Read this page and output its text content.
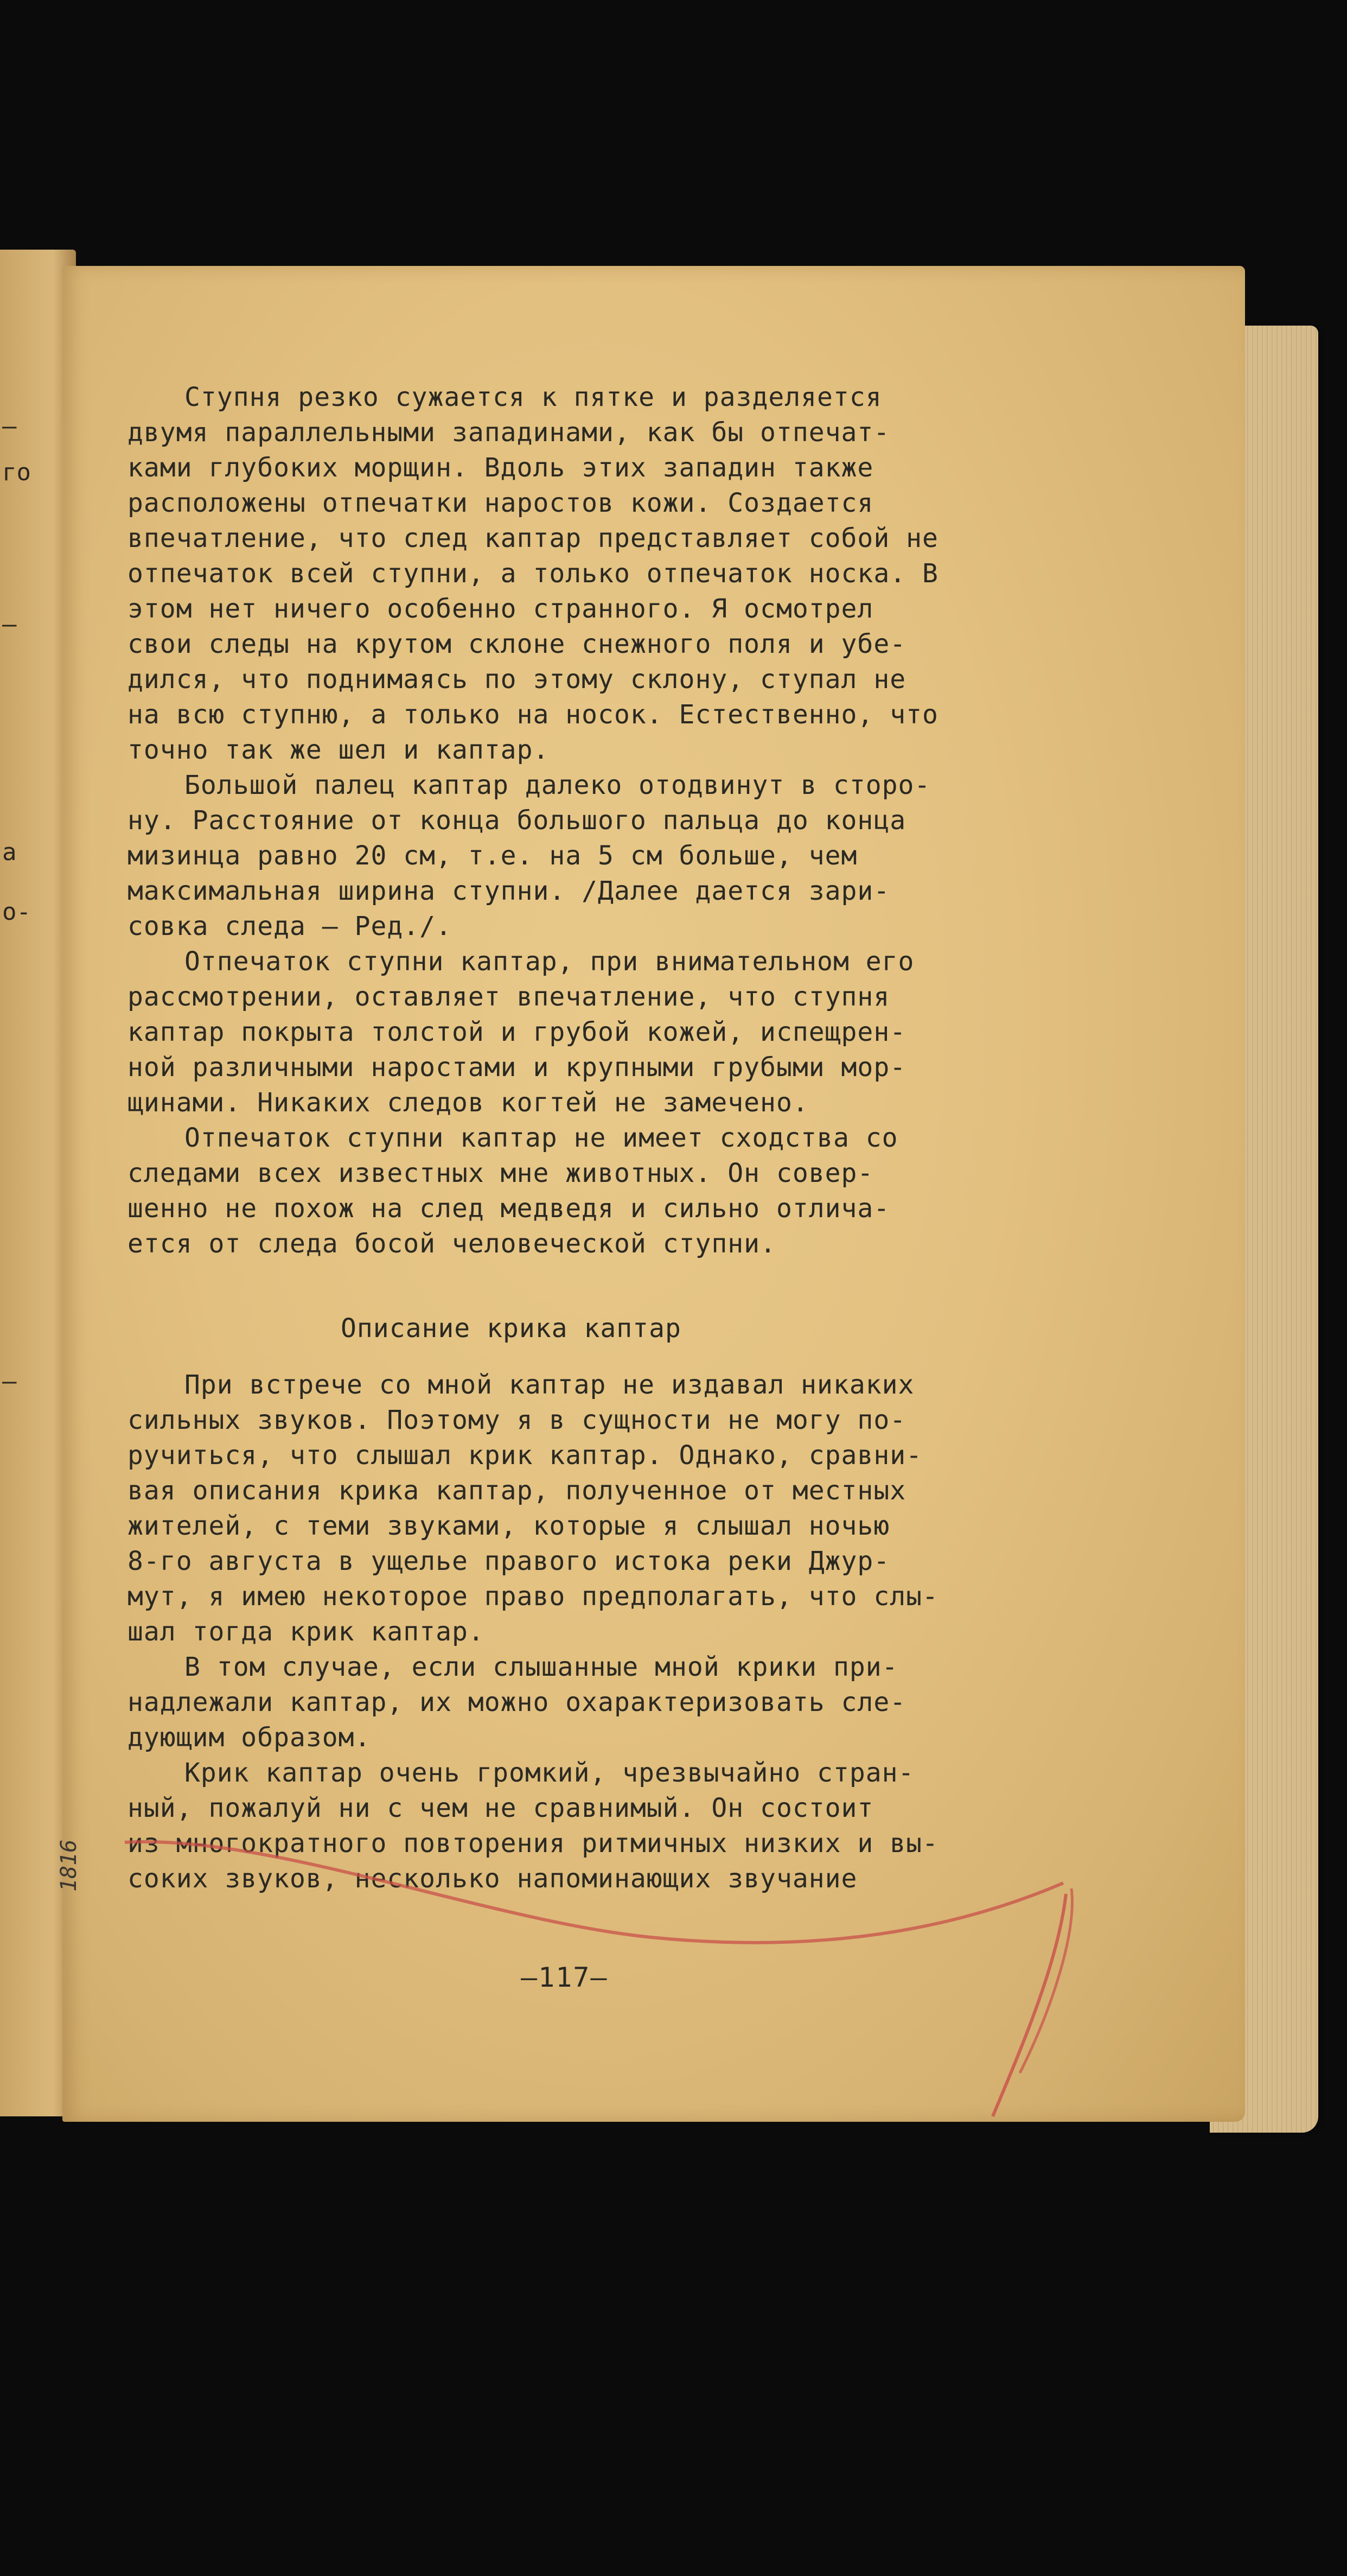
–
го
–
а
о-
–
Ступня резко сужается к пятке и разделяется
двумя параллельными западинами, как бы отпечат-
ками глубоких морщин. Вдоль этих западин также
расположены отпечатки наростов кожи. Создается
впечатление, что след каптар представляет собой не
отпечаток всей ступни, а только отпечаток носка. В
этом нет ничего особенно странного. Я осмотрел
свои следы на крутом склоне снежного поля и убе-
дился, что поднимаясь по этому склону, ступал не
на всю ступню, а только на носок. Естественно, что
точно так же шел и каптар.
Большой палец каптар далеко отодвинут в сторо-
ну. Расстояние от конца большого пальца до конца
мизинца равно 20 см, т.е. на 5 см больше, чем
максимальная ширина ступни. /Далее дается зари-
совка следа – Ред./.
Отпечаток ступни каптар, при внимательном его
рассмотрении, оставляет впечатление, что ступня
каптар покрыта толстой и грубой кожей, испещрен-
ной различными наростами и крупными грубыми мор-
щинами. Никаких следов когтей не замечено.
Отпечаток ступни каптар не имеет сходства со
следами всех известных мне животных. Он совер-
шенно не похож на след медведя и сильно отлича-
ется от следа босой человеческой ступни.
Описание крика каптар
При встрече со мной каптар не издавал никаких
сильных звуков. Поэтому я в сущности не могу по-
ручиться, что слышал крик каптар. Однако, сравни-
вая описания крика каптар, полученное от местных
жителей, с теми звуками, которые я слышал ночью
8-го августа в ущелье правого истока реки Джур-
мут, я имею некоторое право предполагать, что слы-
шал тогда крик каптар.
В том случае, если слышанные мной крики при-
надлежали каптар, их можно охарактеризовать сле-
дующим образом.
Крик каптар очень громкий, чрезвычайно стран-
ный, пожалуй ни с чем не сравнимый. Он состоит
из многократного повторения ритмичных низких и вы-
соких звуков, несколько напоминающих звучание
–117–
1816
